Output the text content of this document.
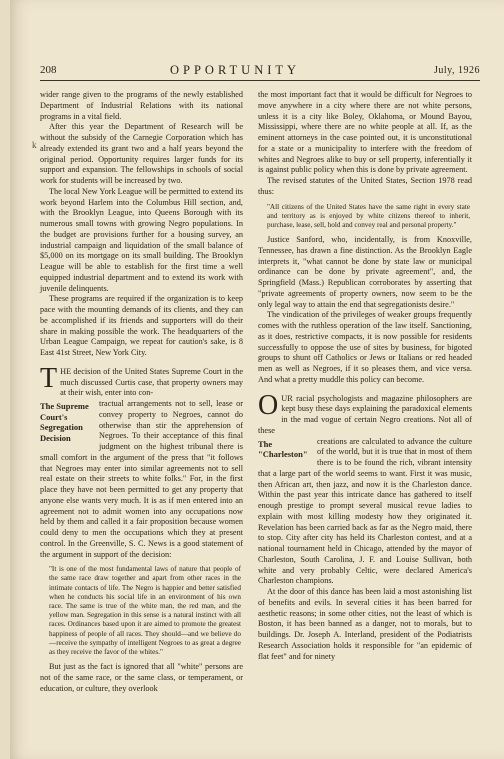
208	OPPORTUNITY	July, 1926
k

wider range given to the programs of the newly established Department of Industrial Relations with its national programs in a vital field.

After this year the Department of Research will be without the subsidy of the Carnegie Corporation which has already extended its grant two and a half years beyond the original period. Opportunity requires larger funds for its support and expansion. The fellowships in schools of social work for students will be increased by two.

The local New York League will be permitted to extend its work beyond Harlem into the Columbus Hill section, and, with the Brooklyn League, into Queens Borough with its numerous small towns with growing Negro populations. In the budget are provisions further for a housing survey, an industrial campaign and liquidation of the small balance of $5,000 on its mortgage on its small building. The Brooklyn League will be able to establish for the first time a well equipped industrial department and to extend its work with juvenile delinquents.

These programs are required if the organization is to keep pace with the mounting demands of its clients, and they can be accomplished if its friends and supporters will do their share in making possible the work. The headquarters of the Urban League Campaign, we repeat for caution's sake, is 8 East 41st Street, New York City.

THE decision of the United States Supreme Court in the much discussed Curtis case, that property owners may at their wish, enter into con-

The Supreme
Court's
Segregation
Decision
tractual arrangements not to sell, lease or convey property to Negroes, cannot do otherwise than stir the apprehension of Negroes. To their acceptance of this final judgment on the highest tribunal there is small comfort in the argument of the press that "it follows that Negroes may enter into similar agreements not to sell real estate on their streets to white folks." For, in the first place they have not been permitted to get any property that anyone else wants very much. It is as if men entered into an agreement not to admit women into any occupations now held by them and called it a fair proposition because women could deny to men the occupations which they at present control. In the Greenville, S. C. News is a good statement of the argument in support of the decision:

"It is one of the most fundamental laws of nature that people of the same race draw together and apart from other races in the intimate contacts of life. The Negro is happier and better satisfied when he conducts his social life in an environment of his own race. The same is true of the white man, the red man, and the yellow man. Segregation in this sense is a natural instinct with all races. Ordinances based upon it are aimed to promote the greatest happiness of people of all races. They should—and we believe do—receive the sympathy of intelligent Negroes to as great a degree as they receive the favor of the whites."

But just as the fact is ignored that all "white" persons are not of the same race, or the same class, or temperament, or education, or culture, they overlook

the most important fact that it would be difficult for Negroes to move anywhere in a city where there are not white persons, unless it is a city like Boley, Oklahoma, or Mound Bayou, Mississippi, where there are no white people at all. If, as the eminent attorneys in the case pointed out, it is unconstitutional for a state or a municipality to interfere with the freedom of whites and Negroes alike to buy or sell property, inferentially it is against public policy when this is done by private agreement.

The revised statutes of the United States, Section 1978 read thus:

"All citizens of the United States have the same right in every state and territory as is enjoyed by white citizens thereof to inherit, purchase, lease, sell, hold and convey real and personal property."

Justice Sanford, who, incidentally, is from Knoxville, Tennessee, has drawn a fine distinction. As the Brooklyn Eagle interprets it, "what cannot be done by state law or municipal ordinance can be done by private agreement", and, the Springfield (Mass.) Republican corroborates by asserting that "private agreements of property owners, now seem to be the only legal way to attain the end that segregationists desire."

The vindication of the privileges of weaker groups frequently comes with the ruthless operation of the law itself. Sanctioning, as it does, restrictive compacts, it is now possible for residents successfully to oppose the use of sites by business, for bigoted groups to shunt off Catholics or Jews or Italians or red headed men as well as Negroes, if it so pleases them, and vice versa. And what a pretty muddle this policy can become.

OUR racial psychologists and magazine philosophers are kept busy these days explaining the paradoxical elements in the mad vogue of certain Negro creations. Not all of these

The
"Charleston"
creations are calculated to advance the culture of the world, but it is true that in most of them there is to be found the rich, vibrant intensity that a large part of the world seems to want. First it was music, then African art, then jazz, and now it is the Charleston dance. Within the past year this intricate dance has gathered to itself enough prestige to prompt several musical revue ladies to explain with most killing modesty how they originated it. Revelation has been carried back as far as the Negro maid, there to stop. City after city has held its Charleston contest, and at a national tournament held in Chicago, attended by the mayor of Charleston, South Carolina, J. F. and Louise Sullivan, both white and very probably Celtic, were declared America's Charleston champions.

At the door of this dance has been laid a most astonishing list of benefits and evils. In several cities it has been barred for aesthetic reasons; in some other cities, not the least of which is Boston, it has been banned as a danger, not to morals, but to buildings. Dr. Joseph A. Interland, president of the Podiatrists Research Association holds it responsible for "an epidemic of flat feet" and for ninety
